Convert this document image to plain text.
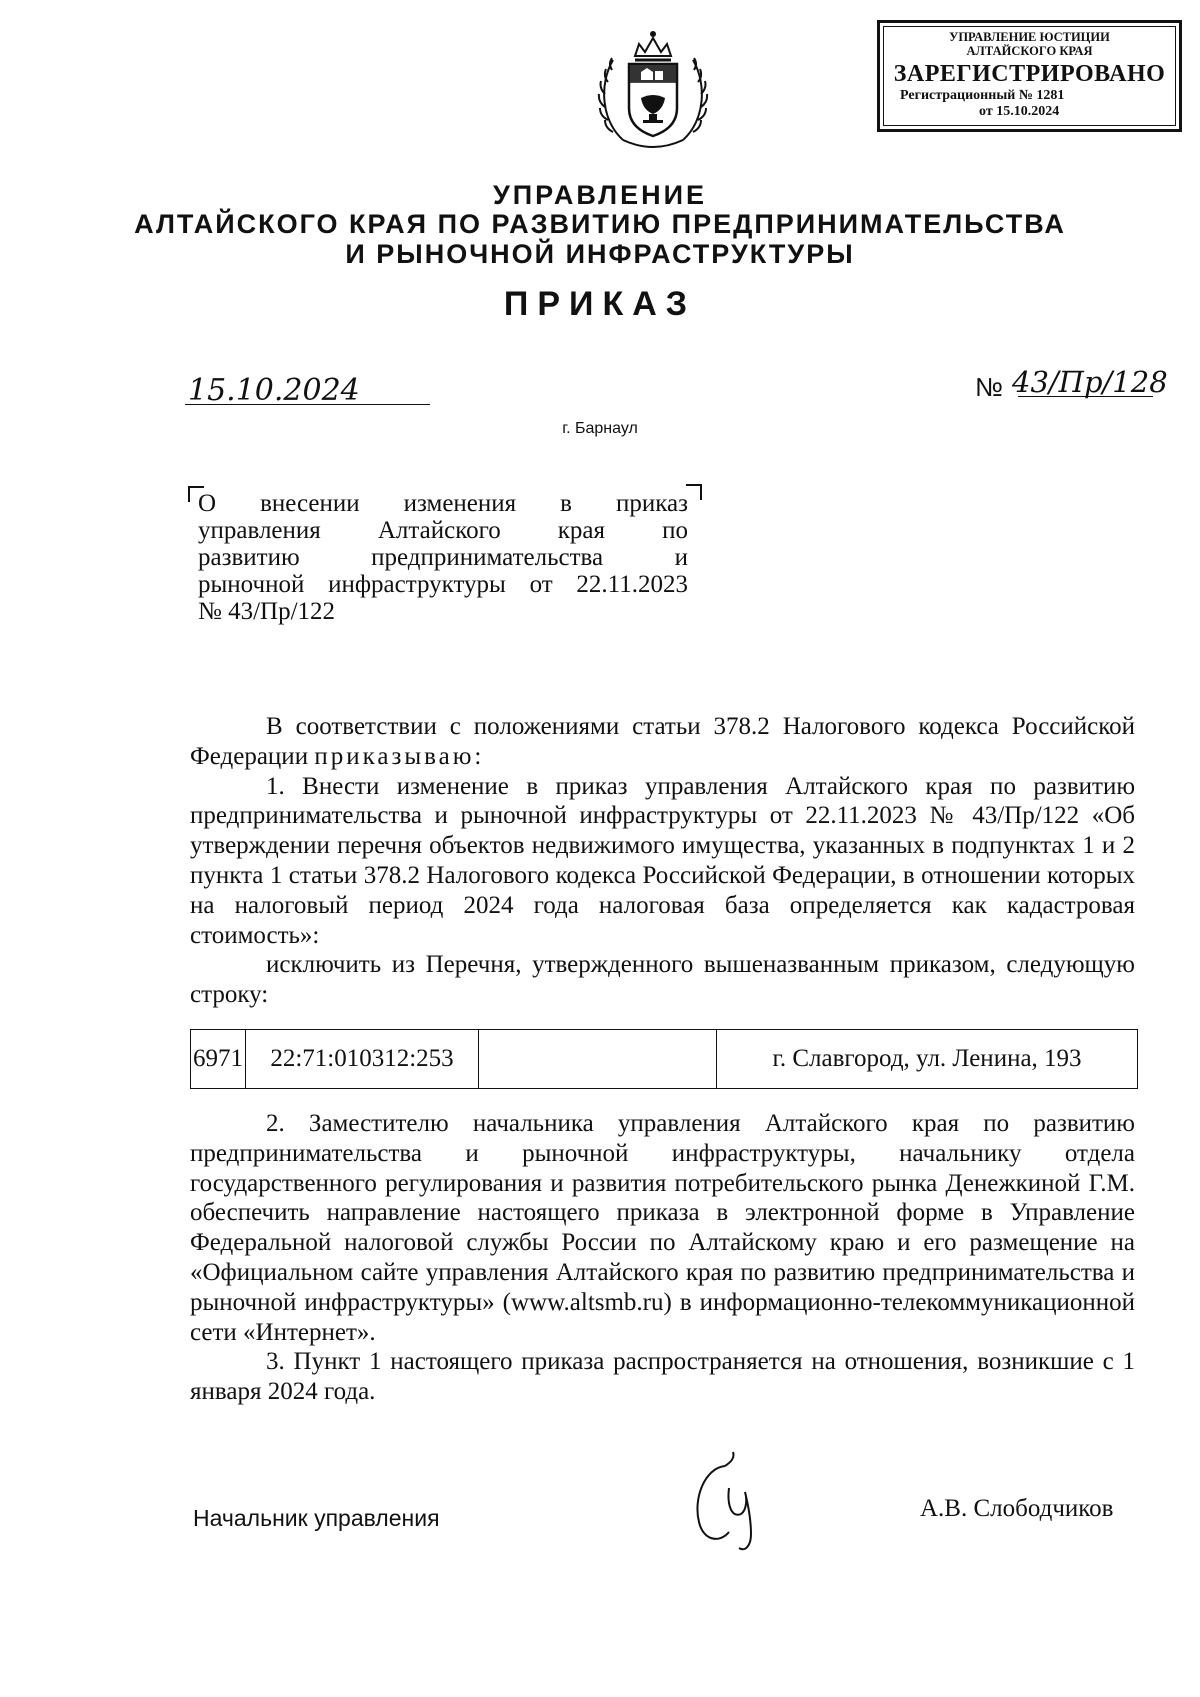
УПРАВЛЕНИЕ ЮСТИЦИИ
АЛТАЙСКОГО КРАЯ
ЗАРЕГИСТРИРОВАНО
Регистрационный № 1281
от 15.10.2024
УПРАВЛЕНИЕ
АЛТАЙСКОГО КРАЯ ПО РАЗВИТИЮ ПРЕДПРИНИМАТЕЛЬСТВА
И РЫНОЧНОЙ ИНФРАСТРУКТУРЫ
ПРИКАЗ
15.10.2024	№ 43/Пр/128
г. Барнаул

О внесении изменения в приказ

управления Алтайского края по

развитию предпринимательства и

рыночной инфраструктуры от 22.11.2023

№ 43/Пр/122

В соответствии с положениями статьи 378.2 Налогового кодекса Российской Федерации приказываю:

1. Внести изменение в приказ управления Алтайского края по развитию предпринимательства и рыночной инфраструктуры от 22.11.2023 № 43/Пр/122 «Об утверждении перечня объектов недвижимого имущества, указанных в подпунктах 1 и 2 пункта 1 статьи 378.2 Налогового кодекса Российской Федерации, в отношении которых на налоговый период 2024 года налоговая база определяется как кадастровая стоимость»:

исключить из Перечня, утвержденного вышеназванным приказом, следующую строку:

6971	22:71:010312:253		г. Славгород, ул. Ленина, 193

2. Заместителю начальника управления Алтайского края по развитию предпринимательства и рыночной инфраструктуры, начальнику отдела государственного регулирования и развития потребительского рынка Денежкиной Г.М. обеспечить направление настоящего приказа в электронной форме в Управление Федеральной налоговой службы России по Алтайскому краю и его размещение на «Официальном сайте управления Алтайского края по развитию предпринимательства и рыночной инфраструктуры» (www.altsmb.ru) в информационно-телекоммуникационной сети «Интернет».

3. Пункт 1 настоящего приказа распространяется на отношения, возникшие с 1 января 2024 года.

Начальник управления	А.В. Слободчиков
